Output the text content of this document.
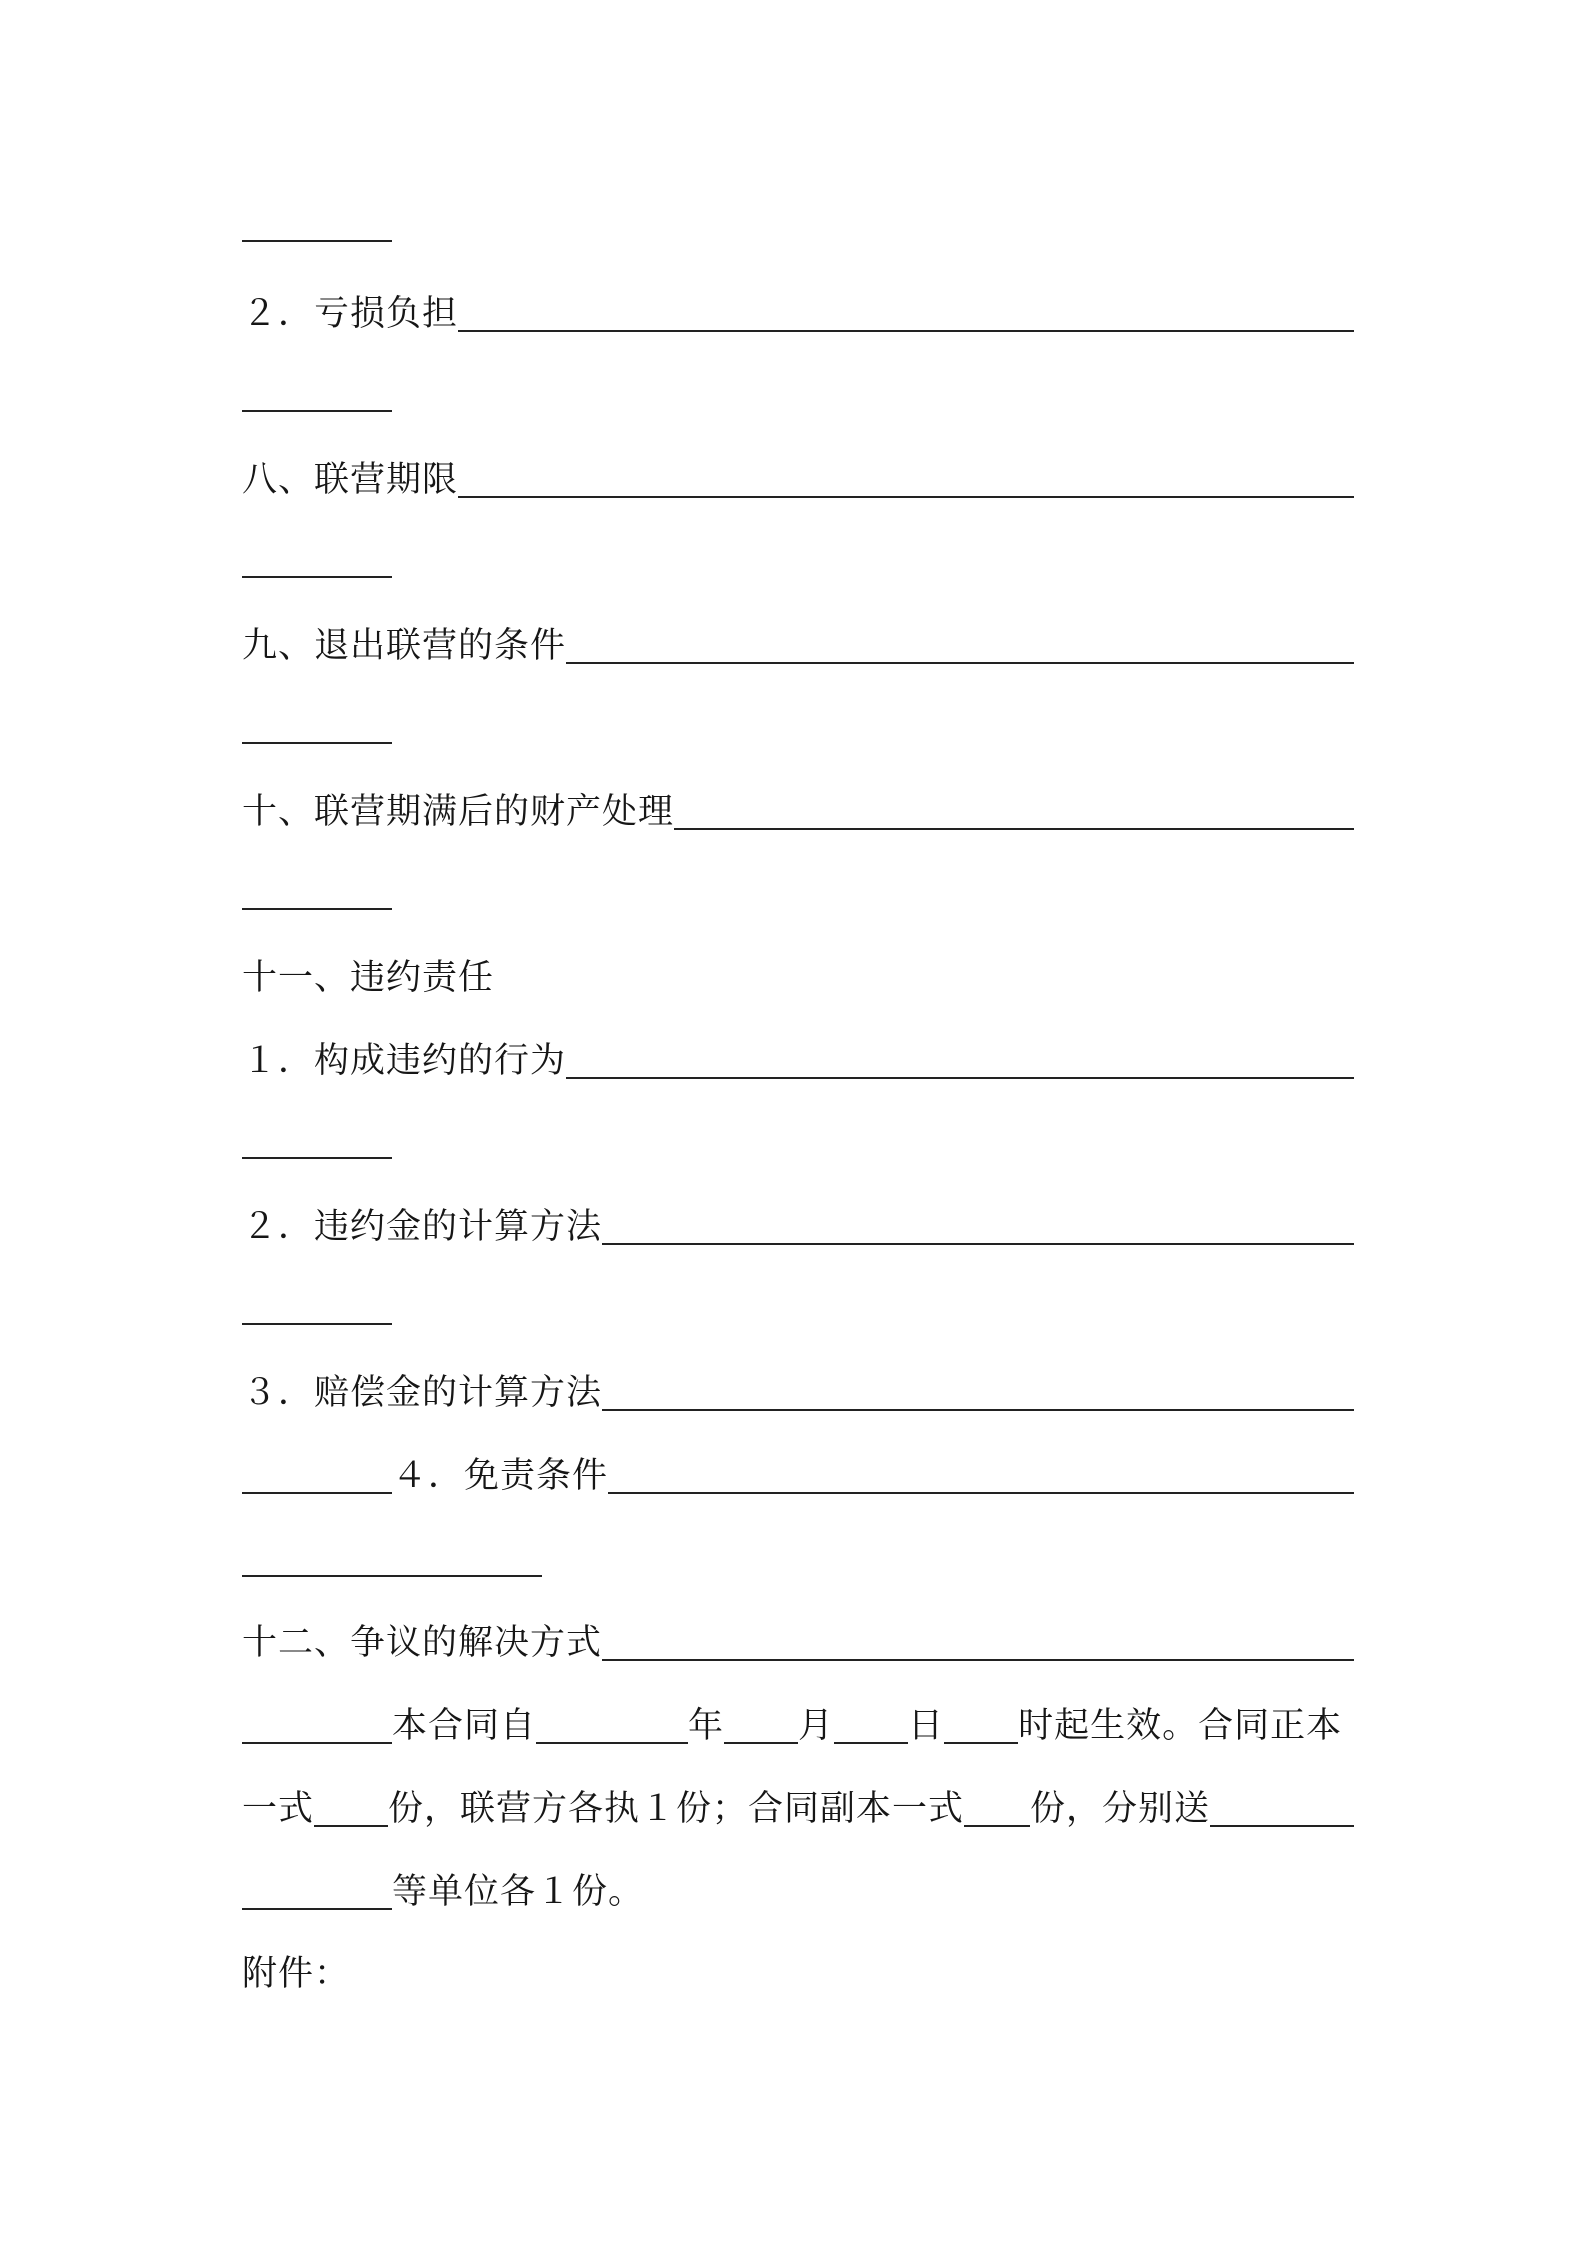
２．亏损负担
八、联营期限
九、退出联营的条件
十、联营期满后的财产处理
十一、违约责任
１．构成违约的行为
２．违约金的计算方法
３．赔偿金的计算方法
４．免责条件
十二、争议的解决方式
本合同自	年 月 日 时起生效。合同正本
一式 份，联营方各执１份；合同副本一式 份，分别送
等单位各１份。
附件：
